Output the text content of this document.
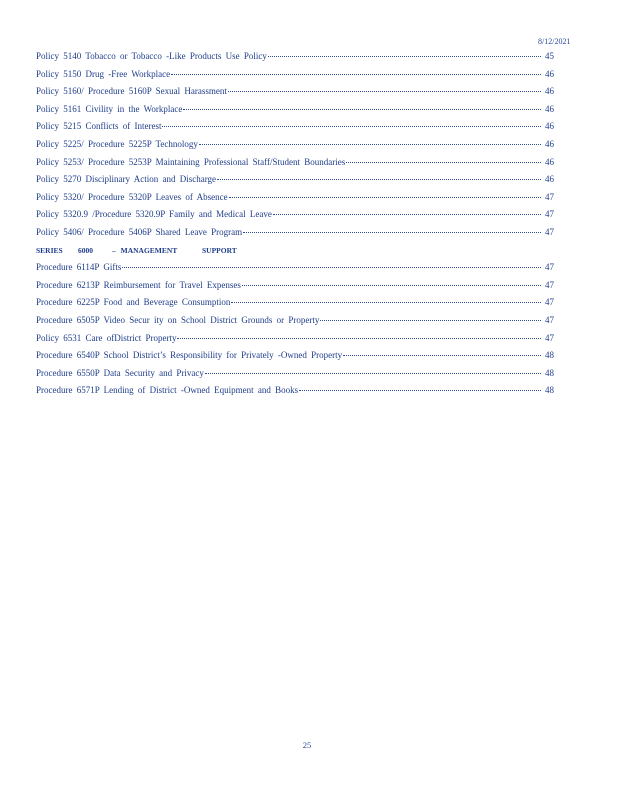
8/12/2021
Policy 5140 Tobacco or Tobacco -Like Products Use Policy	45
Policy 5150 Drug -Free Workplace	46
Policy 5160/ Procedure 5160P Sexual Harassment	46
Policy 5161 Civility in the Workplace	46
Policy 5215 Conflicts of Interest	46
Policy 5225/ Procedure 5225P Technology	46
Policy 5253/ Procedure 5253P Maintaining Professional Staff/Student Boundaries	46
Policy 5270 Disciplinary Action and Discharge	46
Policy 5320/ Procedure 5320P Leaves of Absence	47
Policy 5320.9 /Procedure 5320.9P Family and Medical Leave	47
Policy 5406/ Procedure 5406P Shared Leave Program	47
SERIES 6000	– MANAGEMENT	SUPPORT
Procedure 6114P Gifts	47
Procedure 6213P Reimbursement for Travel Expenses	47
Procedure 6225P Food and Beverage Consumption	47
Procedure 6505P Video Secur ity on School District Grounds or Property	47
Policy 6531 Care ofDistrict Property	47
Procedure 6540P School District’s Responsibility for Privately -Owned Property	48
Procedure 6550P Data Security and Privacy	48
Procedure 6571P Lending of District -Owned Equipment and Books	48
25
